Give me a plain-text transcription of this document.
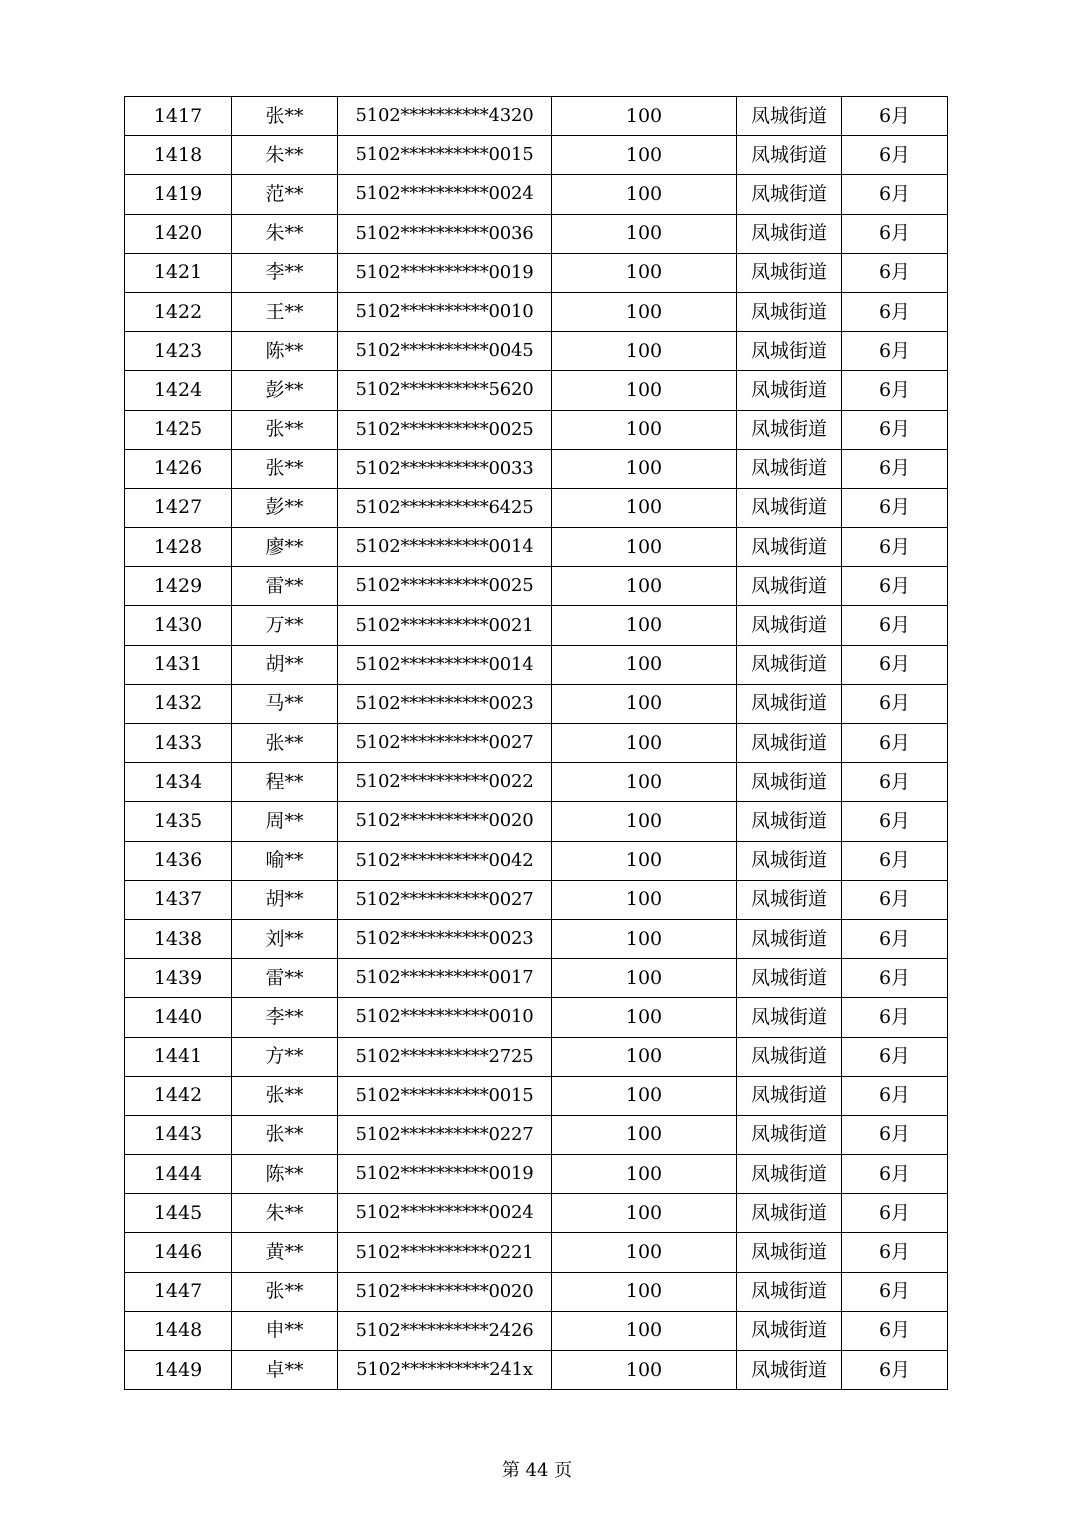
1417	张**	5102**********4320	100	凤城街道	6月
1418	朱**	5102**********0015	100	凤城街道	6月
1419	范**	5102**********0024	100	凤城街道	6月
1420	朱**	5102**********0036	100	凤城街道	6月
1421	李**	5102**********0019	100	凤城街道	6月
1422	王**	5102**********0010	100	凤城街道	6月
1423	陈**	5102**********0045	100	凤城街道	6月
1424	彭**	5102**********5620	100	凤城街道	6月
1425	张**	5102**********0025	100	凤城街道	6月
1426	张**	5102**********0033	100	凤城街道	6月
1427	彭**	5102**********6425	100	凤城街道	6月
1428	廖**	5102**********0014	100	凤城街道	6月
1429	雷**	5102**********0025	100	凤城街道	6月
1430	万**	5102**********0021	100	凤城街道	6月
1431	胡**	5102**********0014	100	凤城街道	6月
1432	马**	5102**********0023	100	凤城街道	6月
1433	张**	5102**********0027	100	凤城街道	6月
1434	程**	5102**********0022	100	凤城街道	6月
1435	周**	5102**********0020	100	凤城街道	6月
1436	喻**	5102**********0042	100	凤城街道	6月
1437	胡**	5102**********0027	100	凤城街道	6月
1438	刘**	5102**********0023	100	凤城街道	6月
1439	雷**	5102**********0017	100	凤城街道	6月
1440	李**	5102**********0010	100	凤城街道	6月
1441	方**	5102**********2725	100	凤城街道	6月
1442	张**	5102**********0015	100	凤城街道	6月
1443	张**	5102**********0227	100	凤城街道	6月
1444	陈**	5102**********0019	100	凤城街道	6月
1445	朱**	5102**********0024	100	凤城街道	6月
1446	黄**	5102**********0221	100	凤城街道	6月
1447	张**	5102**********0020	100	凤城街道	6月
1448	申**	5102**********2426	100	凤城街道	6月
1449	卓**	5102**********241x	100	凤城街道	6月
第 44 页
